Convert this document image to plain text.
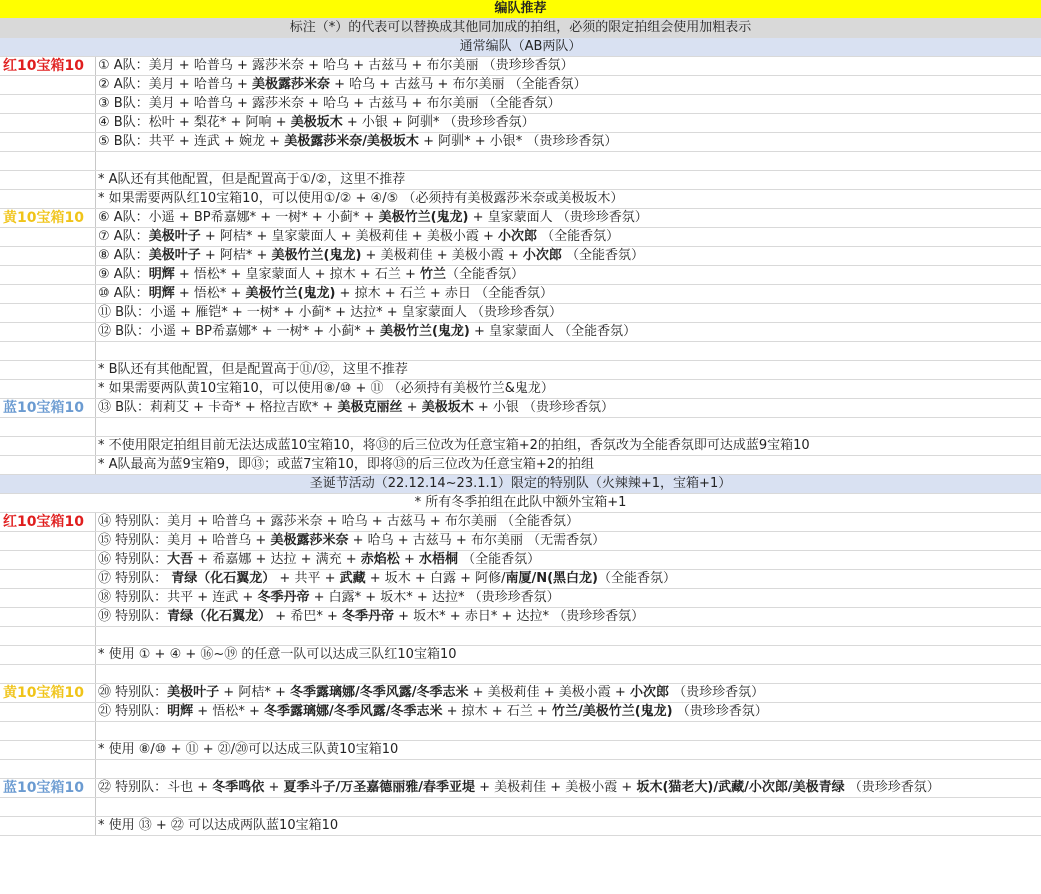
编队推荐
标注（*）的代表可以替换成其他同加成的拍组，必须的限定拍组会使用加粗表示
通常编队（AB两队）
红10宝箱10	① A队：美月 + 哈普乌 + 露莎米奈 + 哈乌 + 古兹马 + 布尔美丽 （贵珍珍香氛）
② A队：美月 + 哈普乌 + 美极露莎米奈 + 哈乌 + 古兹马 + 布尔美丽 （全能香氛）
③ B队：美月 + 哈普乌 + 露莎米奈 + 哈乌 + 古兹马 + 布尔美丽 （全能香氛）
④ B队：松叶 + 梨花* + 阿响 + 美极坂木 + 小银 + 阿驯* （贵珍珍香氛）
⑤ B队：共平 + 连武 + 婉龙 + 美极露莎米奈/美极坂木 + 阿驯* + 小银* （贵珍珍香氛）
* A队还有其他配置，但是配置高于①/②，这里不推荐
* 如果需要两队红10宝箱10，可以使用①/② + ④/⑤ （必须持有美极露莎米奈或美极坂木）
黄10宝箱10	⑥ A队：小遥 + BP希嘉娜* + 一树* + 小蓟* + 美极竹兰(鬼龙) + 皇家蒙面人 （贵珍珍香氛）
⑦ A队：美极叶子 + 阿桔* + 皇家蒙面人 + 美极莉佳 + 美极小霞 + 小次郎 （全能香氛）
⑧ A队：美极叶子 + 阿桔* + 美极竹兰(鬼龙) + 美极莉佳 + 美极小霞 + 小次郎 （全能香氛）
⑨ A队：明辉 + 悟松* + 皇家蒙面人 + 掠木 + 石兰 + 竹兰（全能香氛）
⑩ A队：明辉 + 悟松* + 美极竹兰(鬼龙) + 掠木 + 石兰 + 赤日 （全能香氛）
⑪ B队：小遥 + 雁铠* + 一树* + 小蓟* + 达拉* + 皇家蒙面人 （贵珍珍香氛）
⑫ B队：小遥 + BP希嘉娜* + 一树* + 小蓟* + 美极竹兰(鬼龙) + 皇家蒙面人 （全能香氛）
* B队还有其他配置，但是配置高于⑪/⑫，这里不推荐
* 如果需要两队黄10宝箱10，可以使用⑧/⑩ + ⑪ （必须持有美极竹兰&鬼龙）
蓝10宝箱10	⑬ B队：莉莉艾 + 卡奇* + 格拉吉欧* + 美极克丽丝 + 美极坂木 + 小银 （贵珍珍香氛）
* 不使用限定拍组目前无法达成蓝10宝箱10，将⑬的后三位改为任意宝箱+2的拍组，香氛改为全能香氛即可达成蓝9宝箱10
* A队最高为蓝9宝箱9，即⑬；或蓝7宝箱10，即将⑬的后三位改为任意宝箱+2的拍组
圣诞节活动（22.12.14~23.1.1）限定的特别队（火辣辣+1，宝箱+1）
* 所有冬季拍组在此队中额外宝箱+1
红10宝箱10	⑭ 特别队：美月 + 哈普乌 + 露莎米奈 + 哈乌 + 古兹马 + 布尔美丽 （全能香氛）
⑮ 特别队：美月 + 哈普乌 + 美极露莎米奈 + 哈乌 + 古兹马 + 布尔美丽 （无需香氛）
⑯ 特别队：大吾 + 希嘉娜 + 达拉 + 满充 + 赤焰松 + 水梧桐 （全能香氛）
⑰ 特别队： 青绿（化石翼龙） + 共平 + 武藏 + 坂木 + 白露 + 阿修/南厦/N(黑白龙)（全能香氛）
⑱ 特别队：共平 + 连武 + 冬季丹帝 + 白露* + 坂木* + 达拉* （贵珍珍香氛）
⑲ 特别队：青绿（化石翼龙） + 希巴* + 冬季丹帝 + 坂木* + 赤日* + 达拉* （贵珍珍香氛）
* 使用 ① + ④ + ⑯~⑲ 的任意一队可以达成三队红10宝箱10
黄10宝箱10	⑳ 特别队：美极叶子 + 阿桔* + 冬季露璃娜/冬季风露/冬季志米 + 美极莉佳 + 美极小霞 + 小次郎 （贵珍珍香氛）
㉑ 特别队：明辉 + 悟松* + 冬季露璃娜/冬季风露/冬季志米 + 掠木 + 石兰 + 竹兰/美极竹兰(鬼龙) （贵珍珍香氛）
* 使用 ⑧/⑩ + ⑪ + ㉑/⑳可以达成三队黄10宝箱10
蓝10宝箱10	㉒ 特别队：斗也 + 冬季鸣依 + 夏季斗子/万圣嘉德丽雅/春季亚堤 + 美极莉佳 + 美极小霞 + 坂木(猫老大)/武藏/小次郎/美极青绿 （贵珍珍香氛）
* 使用 ⑬ + ㉒ 可以达成两队蓝10宝箱10
